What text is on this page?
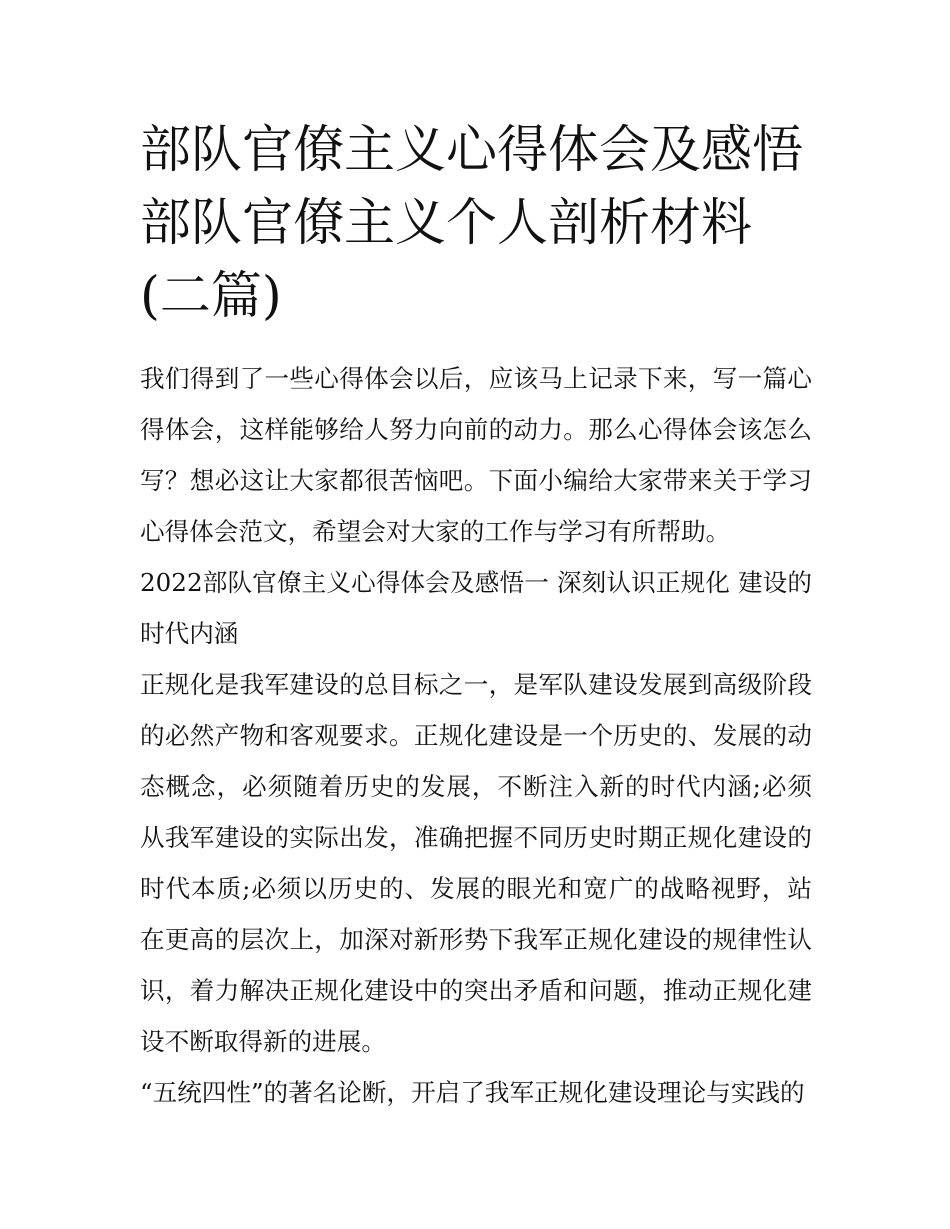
部队官僚主义心得体会及感悟部队官僚主义个人剖析材料(二篇)

我们得到了一些心得体会以后，应该马上记录下来，写一篇心得体会，这样能够给人努力向前的动力。那么心得体会该怎么写？想必这让大家都很苦恼吧。下面小编给大家带来关于学习心得体会范文，希望会对大家的工作与学习有所帮助。

2022部队官僚主义心得体会及感悟一 深刻认识正规化 建设的时代内涵

正规化是我军建设的总目标之一，是军队建设发展到高级阶段的必然产物和客观要求。正规化建设是一个历史的、发展的动态概念，必须随着历史的发展，不断注入新的时代内涵;必须从我军建设的实际出发，准确把握不同历史时期正规化建设的时代本质;必须以历史的、发展的眼光和宽广的战略视野，站在更高的层次上，加深对新形势下我军正规化建设的规律性认识，着力解决正规化建设中的突出矛盾和问题，推动正规化建设不断取得新的进展。

“五统四性”的著名论断，开启了我军正规化建设理论与实践的
